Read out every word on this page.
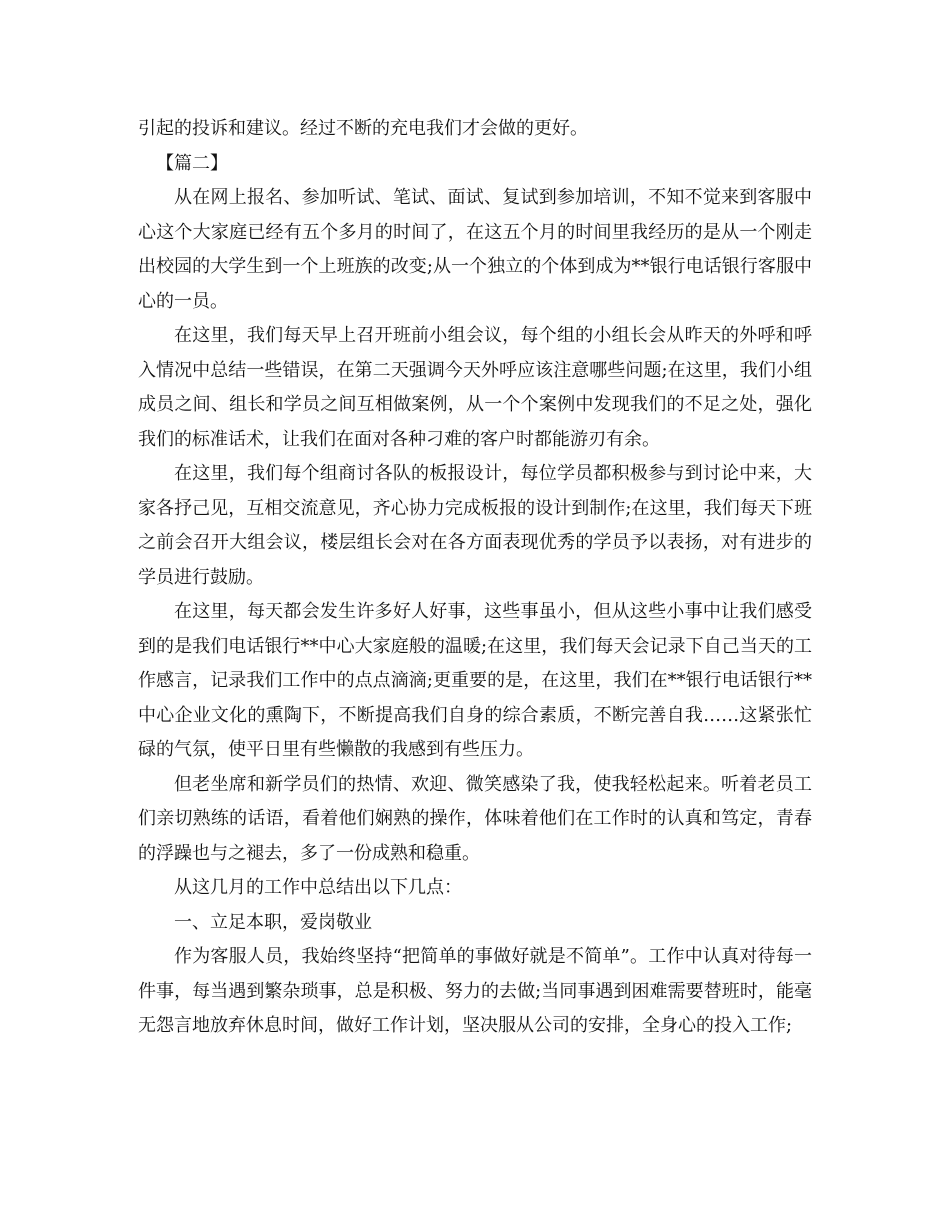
引起的投诉和建议。经过不断的充电我们才会做的更好。

【篇二】

从在网上报名、参加听试、笔试、面试、复试到参加培训，不知不觉来到客服中心这个大家庭已经有五个多月的时间了，在这五个月的时间里我经历的是从一个刚走出校园的大学生到一个上班族的改变;从一个独立的个体到成为**银行电话银行客服中心的一员。

在这里，我们每天早上召开班前小组会议，每个组的小组长会从昨天的外呼和呼入情况中总结一些错误，在第二天强调今天外呼应该注意哪些问题;在这里，我们小组成员之间、组长和学员之间互相做案例，从一个个案例中发现我们的不足之处，强化我们的标准话术，让我们在面对各种刁难的客户时都能游刃有余。

在这里，我们每个组商讨各队的板报设计，每位学员都积极参与到讨论中来，大家各抒己见，互相交流意见，齐心协力完成板报的设计到制作;在这里，我们每天下班之前会召开大组会议，楼层组长会对在各方面表现优秀的学员予以表扬，对有进步的学员进行鼓励。

在这里，每天都会发生许多好人好事，这些事虽小，但从这些小事中让我们感受到的是我们电话银行**中心大家庭般的温暖;在这里，我们每天会记录下自己当天的工作感言，记录我们工作中的点点滴滴;更重要的是，在这里，我们在**银行电话银行**中心企业文化的熏陶下，不断提高我们自身的综合素质，不断完善自我……这紧张忙碌的气氛，使平日里有些懒散的我感到有些压力。

但老坐席和新学员们的热情、欢迎、微笑感染了我，使我轻松起来。听着老员工们亲切熟练的话语，看着他们娴熟的操作，体味着他们在工作时的认真和笃定，青春的浮躁也与之褪去，多了一份成熟和稳重。

从这几月的工作中总结出以下几点：

一、立足本职，爱岗敬业

作为客服人员，我始终坚持“把简单的事做好就是不简单”。工作中认真对待每一件事，每当遇到繁杂琐事，总是积极、努力的去做;当同事遇到困难需要替班时，能毫无怨言地放弃休息时间，做好工作计划，坚决服从公司的安排，全身心的投入工作;
